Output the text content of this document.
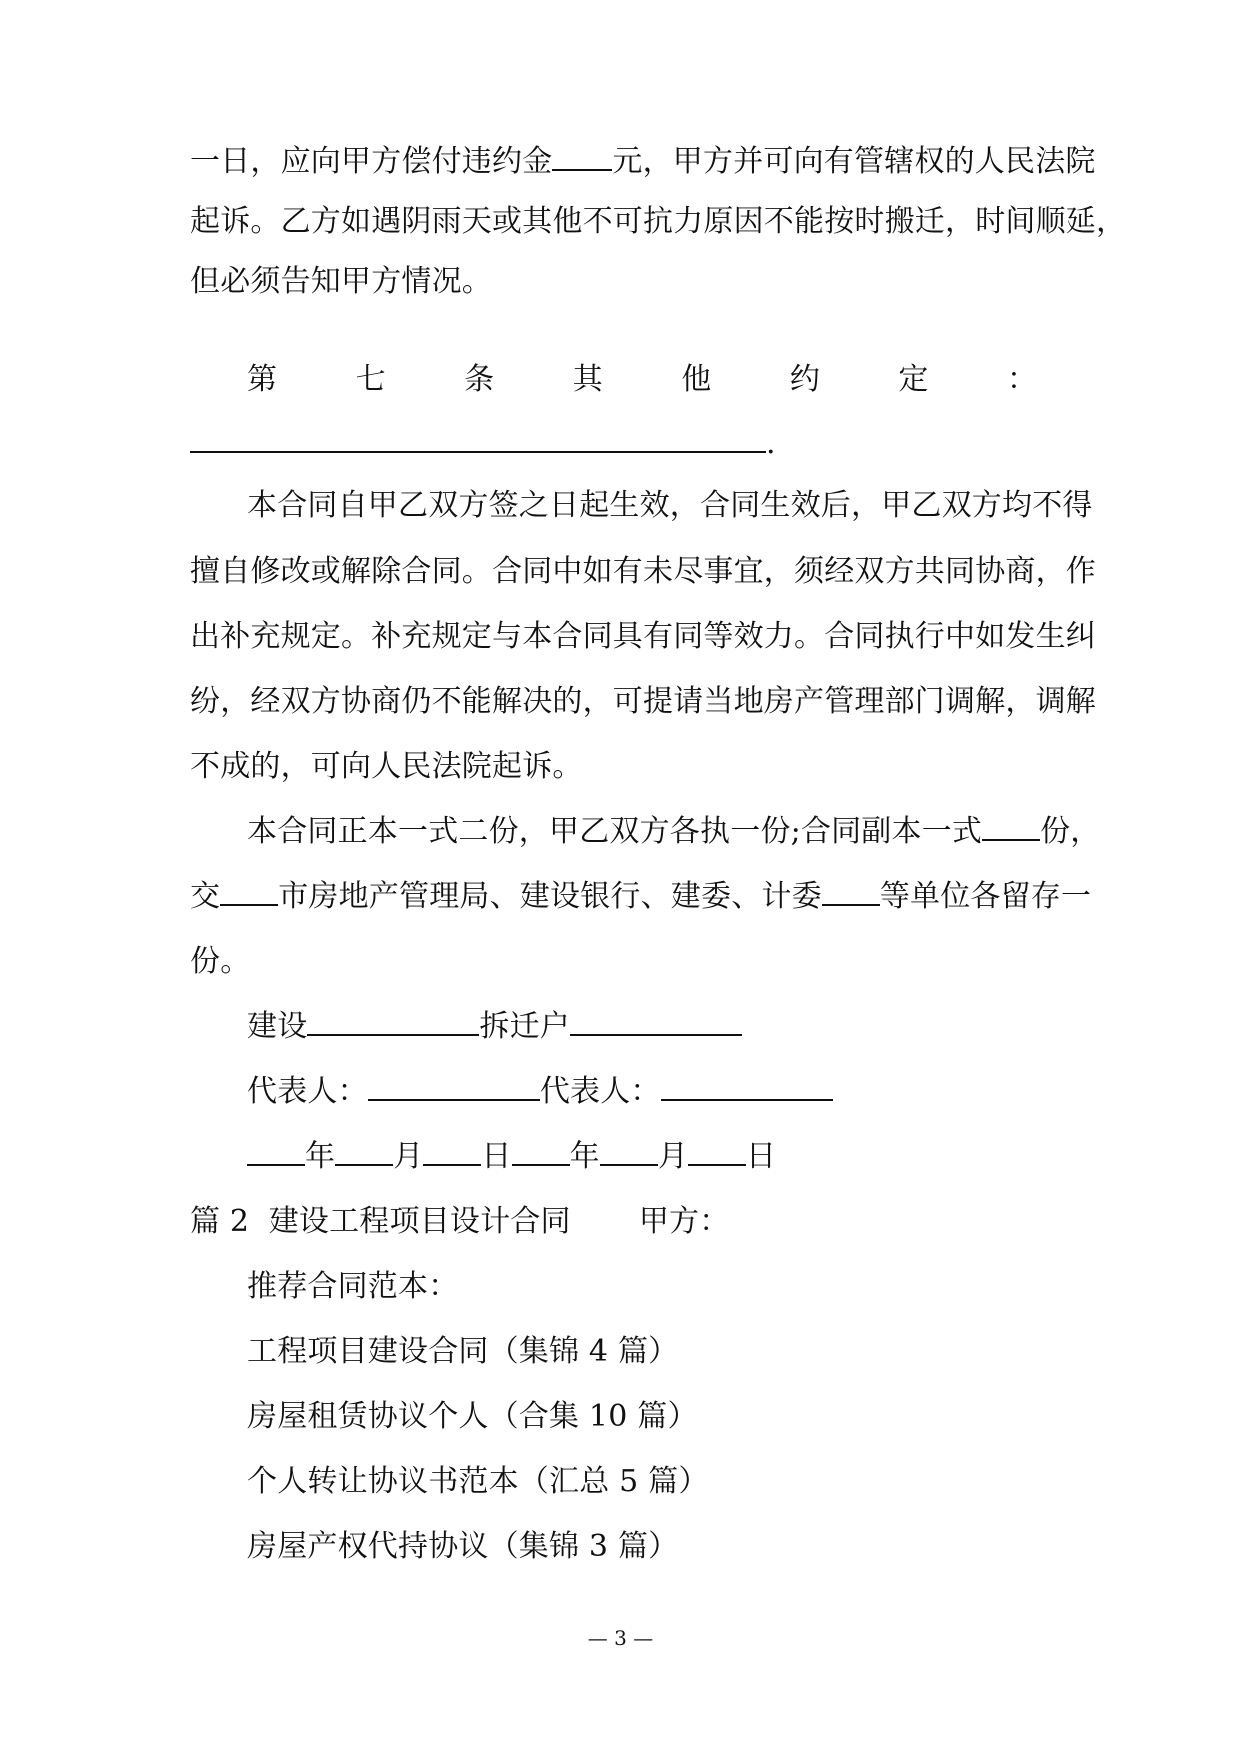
一日，应向甲方偿付违约金 元，甲方并可向有管辖权的人民法院

起诉。乙方如遇阴雨天或其他不可抗力原因不能按时搬迁，时间顺延，

但必须告知甲方情况。

第	七	条	其	他	约	定	：

.

本合同自甲乙双方签之日起生效，合同生效后，甲乙双方均不得

擅自修改或解除合同。合同中如有未尽事宜，须经双方共同协商，作

出补充规定。补充规定与本合同具有同等效力。合同执行中如发生纠

纷，经双方协商仍不能解决的，可提请当地房产管理部门调解，调解

不成的，可向人民法院起诉。

本合同正本一式二份，甲乙双方各执一份;合同副本一式 份，

交 市房地产管理局、建设银行、建委、计委 等单位各留存一

份。

建设	拆迁户

代表人：	代表人：

年 月 日 年 月 日

篇 2  建设工程项目设计合同       甲方：

推荐合同范本：

工程项目建设合同（集锦 4 篇）

房屋租赁协议个人（合集 10 篇）

个人转让协议书范本（汇总 5 篇）

房屋产权代持协议（集锦 3 篇）

— 3 —
